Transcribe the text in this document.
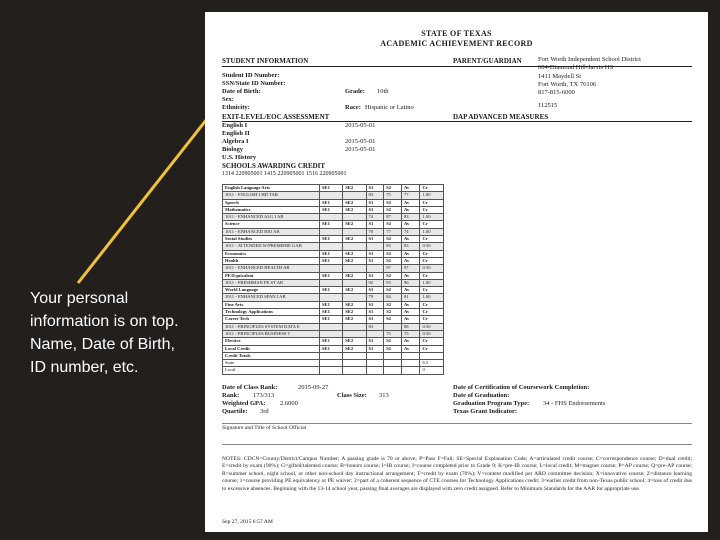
Your personal information is on top. Name, Date of Birth, ID number, etc.
STATE OF TEXAS
ACADEMIC ACHIEVEMENT RECORD
STUDENT INFORMATION	PARENT/GUARDIAN
Student ID Number:
SSN/State ID Number:
Date of Birth:
Sex:
Ethnicity:
Grade: 10th
Race: Hispanic or Latino
Fort Worth Independent School District
004-Diamond Hill-Jarvis HS
1411 Maydell St
Fort Worth, TX 76106
817-815-6000
112515
EXIT-LEVEL/EOC ASSESSMENT	DAP ADVANCED MEASURES
English I	2015-05-01
English II
Algebra I	2015-05-01
Biology	2015-05-01
U.S. History
SCHOOLS AWARDING CREDIT
1314 220905001 1415 220905001 1516 220905001
English Language Arts	SE1	SE2	S1	S2	Av	Cr
1011 - ENGLISH I HD TAB			83	75	77	1.00
Speech	SE1	SE2	S1	S2	Av	Cr
Mathematics	SE1	SE2	S1	S2	Av	Cr
1011 - ENHANCED ALG I AB			74	87	83	1.00
Science	SE1	SE2	S1	S2	Av	Cr
1011 - ENHANCED BIO AB			70	77	74	1.00
Social Studies	SE1	SE2	S1	S2	Av	Cr
1011 - ATTENDED W/PREMIERE GAB				83	83	0.50
Economics	SE1	SE2	S1	S2	Av	Cr
Health	SE1	SE2	S1	S2	Av	Cr
1011 - ENHANCED HEALTH AB				97	97	0.50
PE/Equivalent	SE1	SE2	S1	S2	Av	Cr
1011 - FRESHMAN PE ST AB			92	93	96	1.00
World Language	SE1	SE2	S1	S2	Av	Cr
1011 - ENHANCED SPAN I AB			79	84	81	1.00
Fine Arts	SE1	SE2	S1	S2	Av	Cr
Technology Applications	SE1	SE2	S1	S2	Av	Cr
Career Tech	SE1	SE2	S1	S2	Av	Cr
1011 - PRINCIPLES SYSTEM DATA E			83		88	0.50
1011 - PRINCIPLES BUSINESS T				75	75	0.50
Elective	SE1	SE2	S1	S2	Av	Cr
Local Credit	SE1	SE2	S1	S2	Av	Cr
Credit Totals						
State						6.5
Local						0
Date of Class Rank:	2015-09-27
Rank: 173/313	Class Size: 313
Weighted GPA: 2.6000
Quartile: 3rd
Date of Certification of Coursework Completion:
Date of Graduation:
Graduation Program Type: 34 - FHS Endorsements
Texas Grant Indicator:
Signature and Title of School Official
NOTES: CDCN=County/District/Campus Number; A passing grade is 70 or above; P=Pass F=Fail; SE=Special Explanation Code; A=articulated credit course; C=correspondence course; D=dual credit; E=credit by exam (90%); G=gifted/talented course; B=honors course; I=IB course; J=course completed prior to Grade 9; K=pre-IB course; L=local credit; M=magnet course; P=AP course; Q=pre-AP course; R=summer school, night school, or other non-school day instructional arrangement; T=credit by exam (70%); V=content modified per ARD committee decision; X=innovative course; Z=distance learning course; 1=course providing PE equivalency or PE waiver; 2=part of a coherent sequence of CTE courses for Technology Applications credit; 3=earlier credit from non-Texas public school; 4=loss of credit due to excessive absences. Beginning with the 13-14 school year, passing final averages are displayed with zero credit assigned. Refer to Minimum Standards for the AAR for appropriate use.
Sep 27, 2015 6:57 AM
